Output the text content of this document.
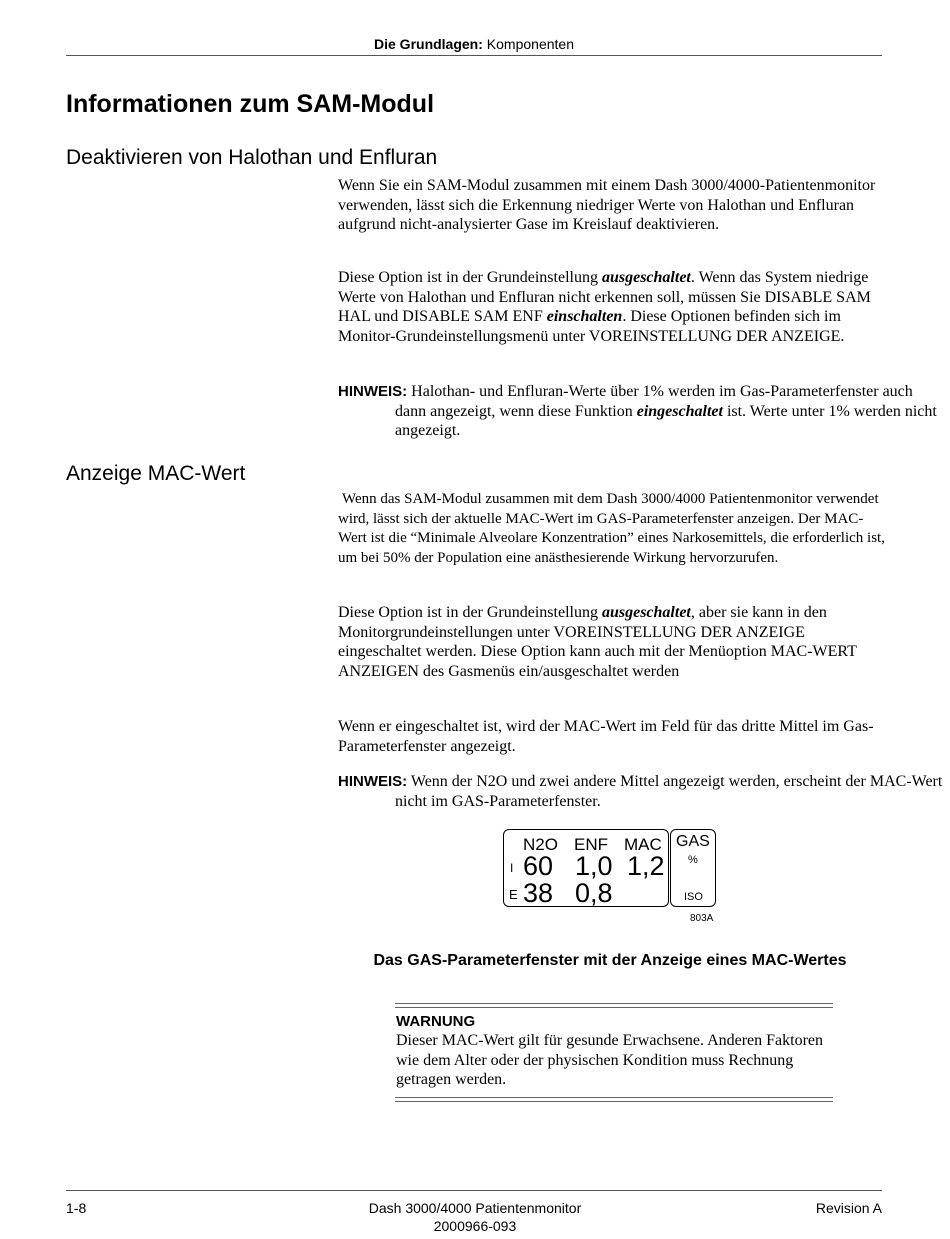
Die Grundlagen: Komponenten
Informationen zum SAM-Modul
Deaktivieren von Halothan und Enfluran

Wenn Sie ein SAM-Modul zusammen mit einem Dash 3000/4000-Patientenmonitor verwenden, lässt sich die Erkennung niedriger Werte von Halothan und Enfluran aufgrund nicht-analysierter Gase im Kreislauf deaktivieren.

Diese Option ist in der Grundeinstellung ausgeschaltet. Wenn das System niedrige Werte von Halothan und Enfluran nicht erkennen soll, müssen Sie DISABLE SAM HAL und DISABLE SAM ENF einschalten. Diese Optionen befinden sich im Monitor-Grundeinstellungsmenü unter VOREINSTELLUNG DER ANZEIGE.

HINWEIS: Halothan- und Enfluran-Werte über 1% werden im Gas-Parameterfenster auch dann angezeigt, wenn diese Funktion eingeschaltet ist. Werte unter 1% werden nicht angezeigt.

Anzeige MAC-Wert

Wenn das SAM-Modul zusammen mit dem Dash 3000/4000 Patientenmonitor verwendet wird, lässt sich der aktuelle MAC-Wert im GAS-Parameterfenster anzeigen. Der MAC-Wert ist die “Minimale Alveolare Konzentration” eines Narkosemittels, die erforderlich ist, um bei 50% der Population eine anästhesierende Wirkung hervorzurufen.

Diese Option ist in der Grundeinstellung ausgeschaltet, aber sie kann in den Monitorgrundeinstellungen unter VOREINSTELLUNG DER ANZEIGE eingeschaltet werden. Diese Option kann auch mit der Menüoption MAC-WERT ANZEIGEN des Gasmenüs ein/ausgeschaltet werden

Wenn er eingeschaltet ist, wird der MAC-Wert im Feld für das dritte Mittel im Gas-Parameterfenster angezeigt.

HINWEIS: Wenn der N2O und zwei andere Mittel angezeigt werden, erscheint der MAC-Wert nicht im GAS-Parameterfenster.

N2O ENF MAC
I 60 1,0 1,2
E 38 0,8
GAS
%
ISO
803A
Das GAS-Parameterfenster mit der Anzeige eines MAC-Wertes
WARNUNG

Dieser MAC-Wert gilt für gesunde Erwachsene. Anderen Faktoren wie dem Alter oder der physischen Kondition muss Rechnung getragen werden.

1-8	Dash 3000/4000 Patientenmonitor
2000966-093
Revision A
